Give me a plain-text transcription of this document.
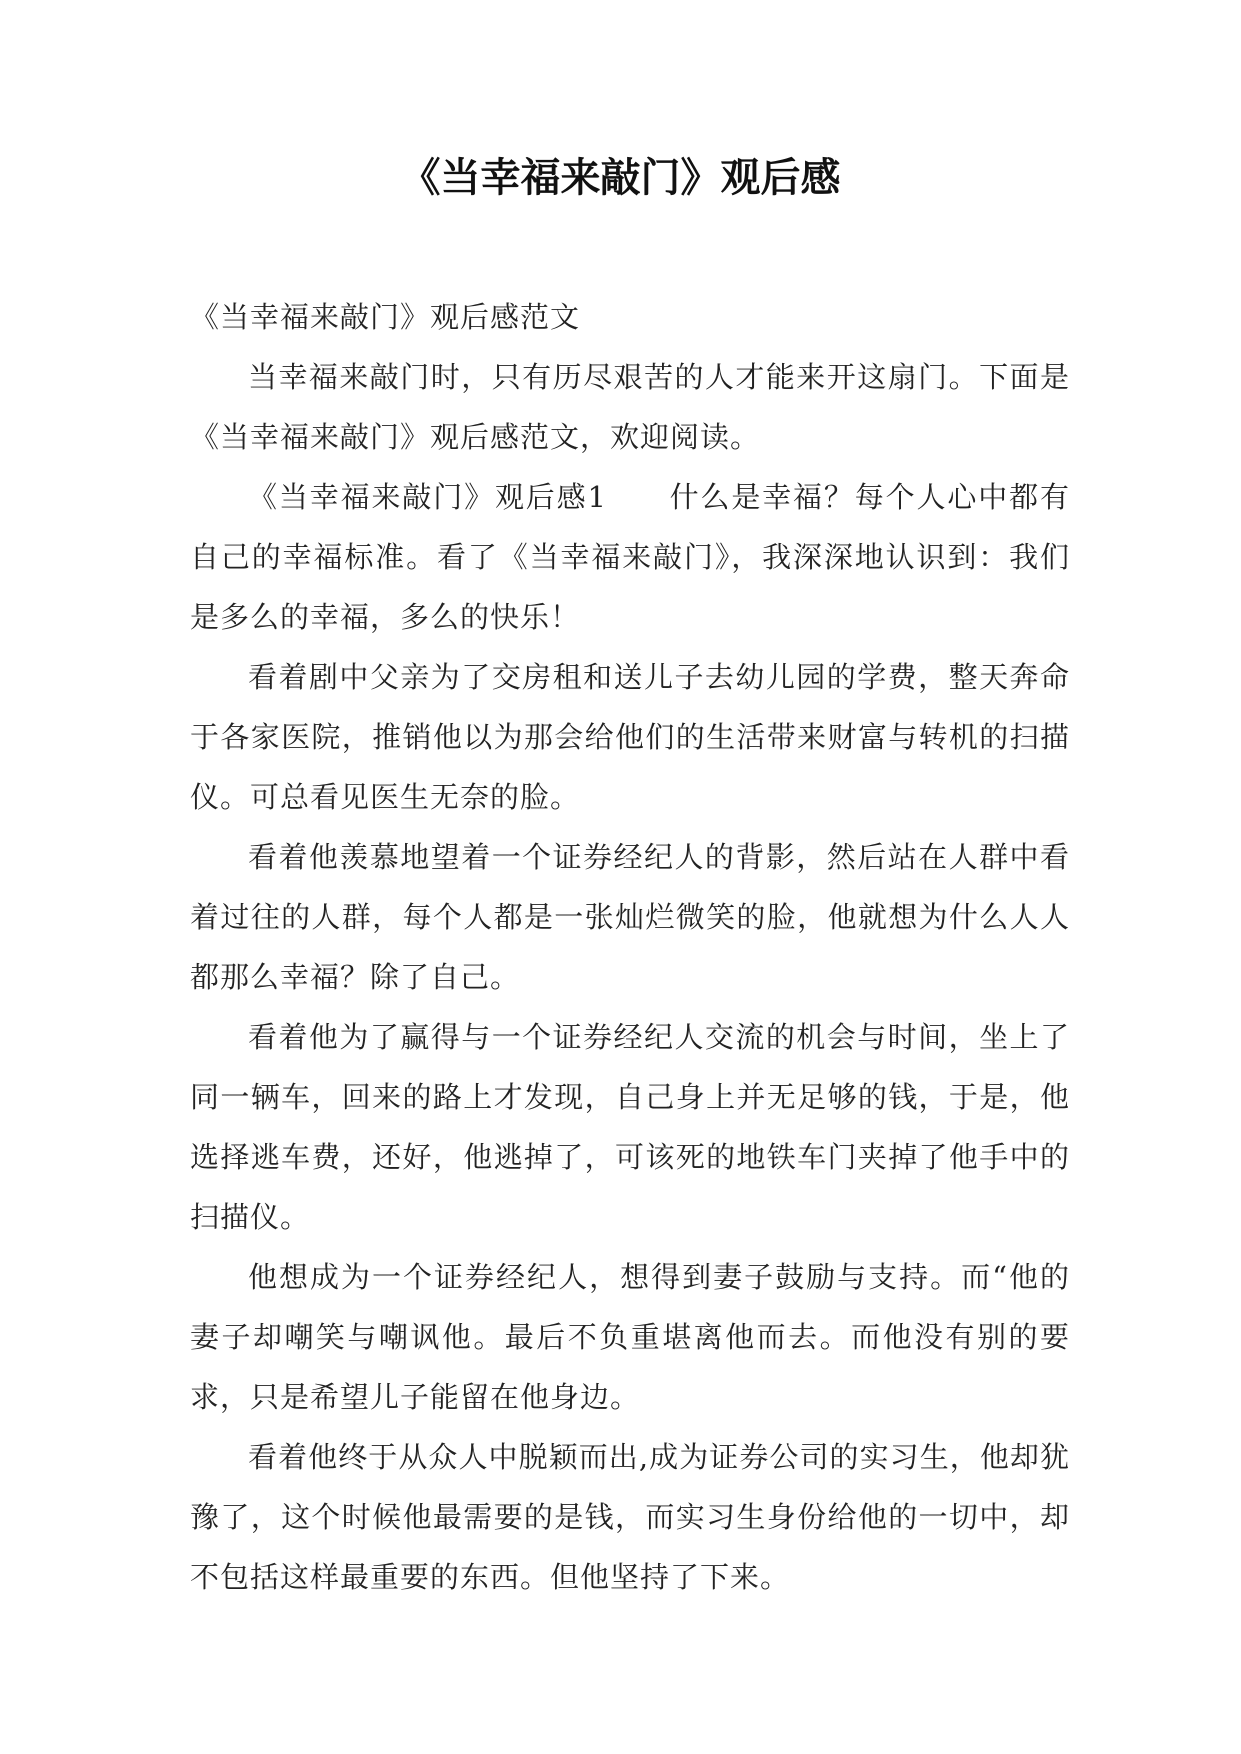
《当幸福来敲门》观后感

《当幸福来敲门》观后感范文

当幸福来敲门时，只有历尽艰苦的人才能来开这扇门。下面是《当幸福来敲门》观后感范文，欢迎阅读。

《当幸福来敲门》观后感1　　什么是幸福？每个人心中都有自己的幸福标准。看了《当幸福来敲门》，我深深地认识到：我们是多么的幸福，多么的快乐！

看着剧中父亲为了交房租和送儿子去幼儿园的学费，整天奔命于各家医院，推销他以为那会给他们的生活带来财富与转机的扫描仪。可总看见医生无奈的脸。

看着他羡慕地望着一个证券经纪人的背影，然后站在人群中看着过往的人群，每个人都是一张灿烂微笑的脸，他就想为什么人人都那么幸福？除了自己。

看着他为了赢得与一个证券经纪人交流的机会与时间，坐上了同一辆车，回来的路上才发现，自己身上并无足够的钱，于是，他选择逃车费，还好，他逃掉了，可该死的地铁车门夹掉了他手中的扫描仪。

他想成为一个证券经纪人，想得到妻子鼓励与支持。而“他的妻子却嘲笑与嘲讽他。最后不负重堪离他而去。而他没有别的要求，只是希望儿子能留在他身边。

看着他终于从众人中脱颖而出,成为证券公司的实习生，他却犹豫了，这个时候他最需要的是钱，而实习生身份给他的一切中，却不包括这样最重要的东西。但他坚持了下来。
